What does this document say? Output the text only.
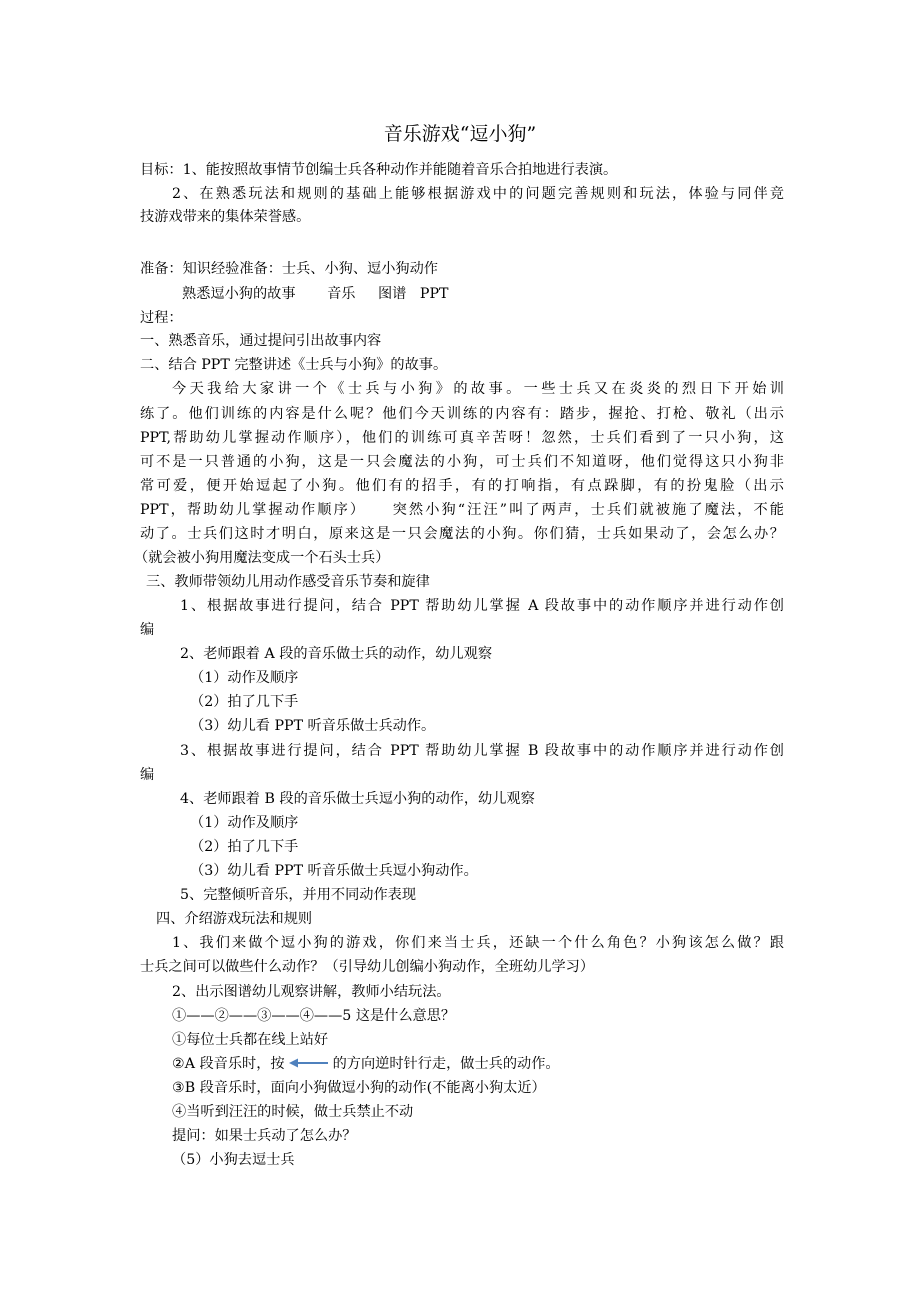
音乐游戏“逗小狗”
目标：1、能按照故事情节创编士兵各种动作并能随着音乐合拍地进行表演。
2、在熟悉玩法和规则的基础上能够根据游戏中的问题完善规则和玩法，体验与同伴竞
技游戏带来的集体荣誉感。
准备：知识经验准备：士兵、小狗、逗小狗动作
熟悉逗小狗的故事       音乐     图谱   PPT
过程：
一、熟悉音乐，通过提问引出故事内容
二、结合 PPT 完整讲述《士兵与小狗》的故事。
今天我给大家讲一个《士兵与小狗》的故事。一些士兵又在炎炎的烈日下开始训
练了。他们训练的内容是什么呢？他们今天训练的内容有：踏步，握抢、打枪、敬礼（出示
PPT,帮助幼儿掌握动作顺序），他们的训练可真辛苦呀！忽然，士兵们看到了一只小狗，这
可不是一只普通的小狗，这是一只会魔法的小狗，可士兵们不知道呀，他们觉得这只小狗非
常可爱，便开始逗起了小狗。他们有的招手，有的打响指，有点跺脚，有的扮鬼脸（出示
PPT，帮助幼儿掌握动作顺序）    突然小狗“汪汪”叫了两声，士兵们就被施了魔法，不能
动了。士兵们这时才明白，原来这是一只会魔法的小狗。你们猜，士兵如果动了，会怎么办？
（就会被小狗用魔法变成一个石头士兵）
三、教师带领幼儿用动作感受音乐节奏和旋律
1、根据故事进行提问，结合 PPT 帮助幼儿掌握 A 段故事中的动作顺序并进行动作创
编
2、老师跟着 A 段的音乐做士兵的动作，幼儿观察
（1）动作及顺序
（2）拍了几下手
（3）幼儿看 PPT 听音乐做士兵动作。
3、根据故事进行提问，结合 PPT 帮助幼儿掌握 B 段故事中的动作顺序并进行动作创
编
4、老师跟着 B 段的音乐做士兵逗小狗的动作，幼儿观察
（1）动作及顺序
（2）拍了几下手
（3）幼儿看 PPT 听音乐做士兵逗小狗动作。
5、完整倾听音乐，并用不同动作表现
四、介绍游戏玩法和规则
1、我们来做个逗小狗的游戏，你们来当士兵，还缺一个什么角色？小狗该怎么做？跟
士兵之间可以做些什么动作？（引导幼儿创编小狗动作，全班幼儿学习）
2、出示图谱幼儿观察讲解，教师小结玩法。
①——②——③——④——5 这是什么意思？
①每位士兵都在线上站好
②A 段音乐时，按	的方向逆时针行走，做士兵的动作。
③B 段音乐时，面向小狗做逗小狗的动作(不能离小狗太近）
④当听到汪汪的时候，做士兵禁止不动
提问：如果士兵动了怎么办？
（5）小狗去逗士兵
